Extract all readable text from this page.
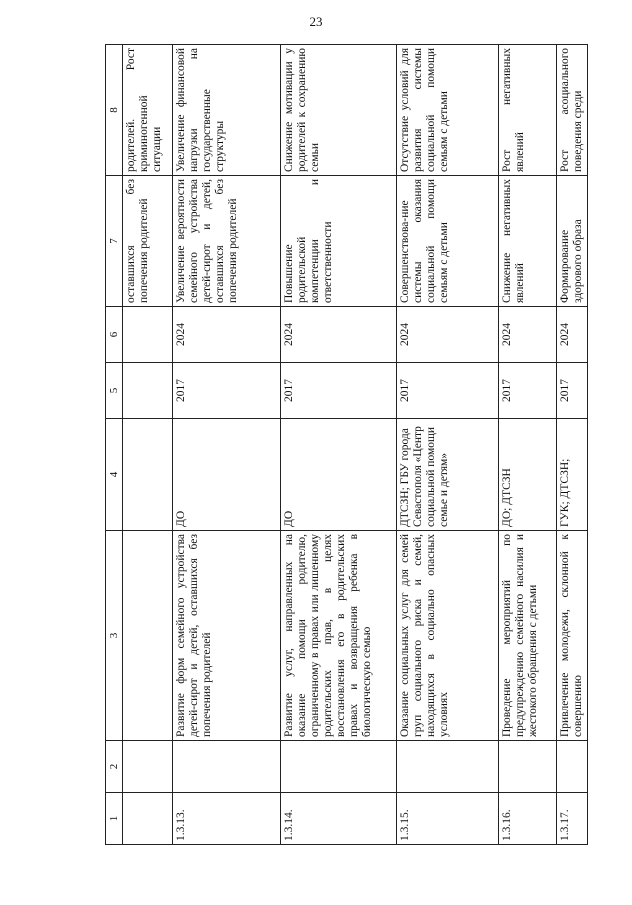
23
1	2	3	4	5	6	7	8
						оставшихся без попечения родителей	родителей. Рост криминогенной ситуации
1.3.13.		Развитие форм семейного устройства детей-сирот и детей, оставшихся без попечения родителей	ДО	2017	2024	Увеличение вероятности семейного устройства детей-сирот и детей, оставшихся без попечения родителей	Увеличение финансовой нагрузки на государственные структуры
1.3.14.		Развитие услуг, направленных на оказание помощи родителю, ограниченному в правах или лишенному родительских прав, в целях восстановления его в родительских правах и возвращения ребенка в биологическую семью	ДО	2017	2024	Повышение родительской компетенции и ответственности	Снижение мотивации у родителей к сохранению семьи
1.3.15.		Оказание социальных услуг для семей груп социального риска и семей, находящихся в социально опасных условиях	ДТСЗН; ГБУ города Севастополя «Центр социальной помощи семье и детям»	2017	2024	Совершенствова-ние системы оказания социальной помощи семьям с детьми	Отсутствие условий для развития системы социальной помощи семьям с детьми
1.3.16.		Проведение мероприятий по предупреждению семейного насилия и жестокого обращения с детьми	ДО; ДТСЗН	2017	2024	Снижение негативных явлений	Рост негативных явлений
1.3.17.		Привлечение молодежи, склонной к совершению	ГУК; ДТСЗН;	2017	2024	Формирование здорового образа	Рост асоциального поведения среди
